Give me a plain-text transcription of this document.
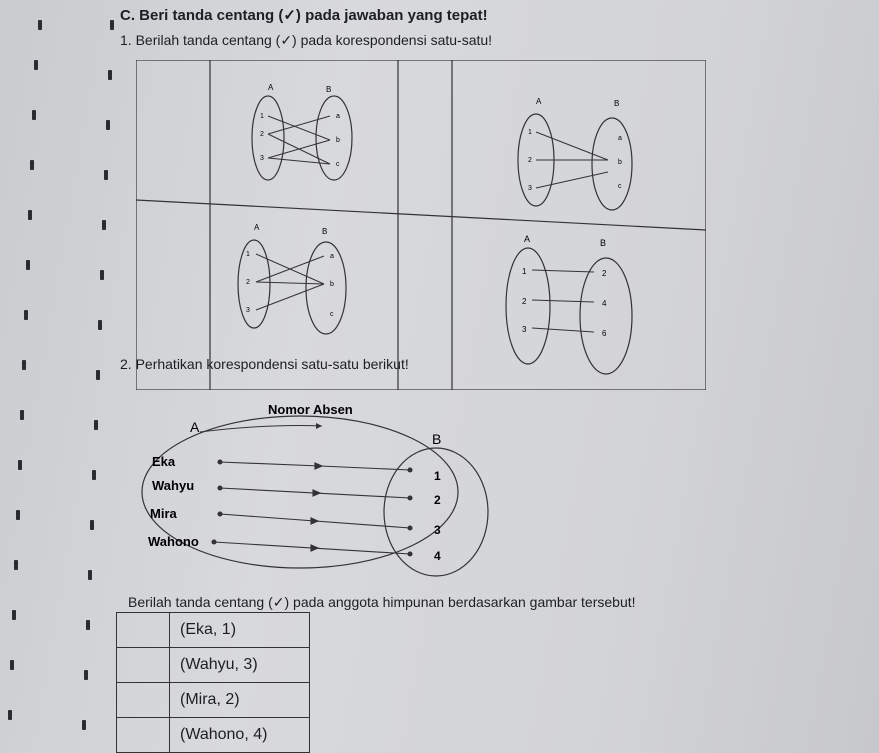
C. Beri tanda centang (✓) pada jawaban yang tepat!
1. Berilah tanda centang (✓) pada korespondensi satu-satu!
A	B
1
2
3
a
b
c
A	B
1
2
3
a
b
c
A	B
1
2
3
a
b
c
A	B
1
2
3
2
4
6
2. Perhatikan korespondensi satu-satu berikut!
Nomor Absen
A
B
Eka
Wahyu
Mira
Wahono
1
2
3
4
Berilah tanda centang (✓) pada anggota himpunan berdasarkan gambar tersebut!
(Eka, 1)
(Wahyu, 3)
(Mira, 2)
(Wahono, 4)
